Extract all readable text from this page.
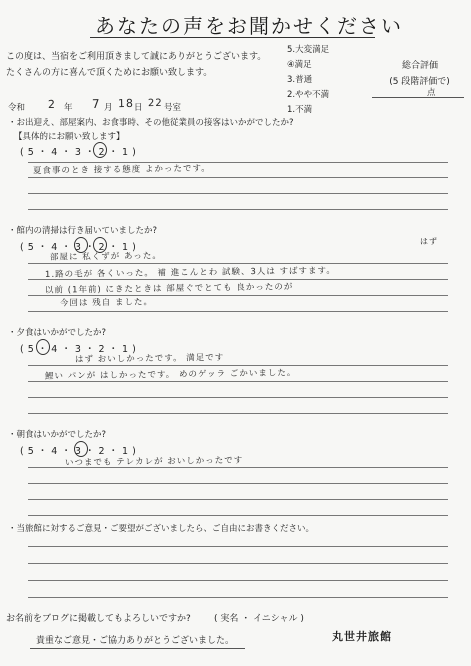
あなたの声をお聞かせください
この度は、当宿をご利用頂きまして誠にありがとうございます。
たくさんの方に喜んで頂くためにお願い致します。
5.大変満足
④満足
3.普通
2.やや不満
1.不満
総合評価
(5 段階評価で)
点
令和 2 年 7 月 18 日 22 号室
・お出迎え、部屋案内、お食事時、その他従業員の接客はいかがでしたか?
【具体的にお願い致します】
( 5 ・ 4 ・ 3 ・ 2 ・ 1 )
夏食事のとき 接する態度 よかったです。
・館内の清掃は行き届いていましたか?
( 5 ・ 4 ・ 3 ・ 2 ・ 1 )
はず
部屋に 私くずが あった。
1.路の毛が 各くいった。 補 進こんとわ 試験、3人は すばすます。
以前 (1年前) にきたときは 部屋ぐでとても 良かったのが
今回は 残自 ました。
・夕食はいかがでしたか?
( 5 ・ 4 ・ 3 ・ 2 ・ 1 )
はず おいしかったです。 満足です
鯉い パンが はしかったです。 めのゲッラ ごかいました。
・朝食はいかがでしたか?
( 5 ・ 4 ・ 3 ・ 2 ・ 1 )
いつまでも テレカレが おいしかったです
・当旅館に対するご意見・ご要望がございましたら、ご自由にお書きください。
お名前をブログに掲載してもよろしいですか?	( 実名 ・ イニシャル )
貴重なご意見・ご協力ありがとうございました。	丸世井旅館
